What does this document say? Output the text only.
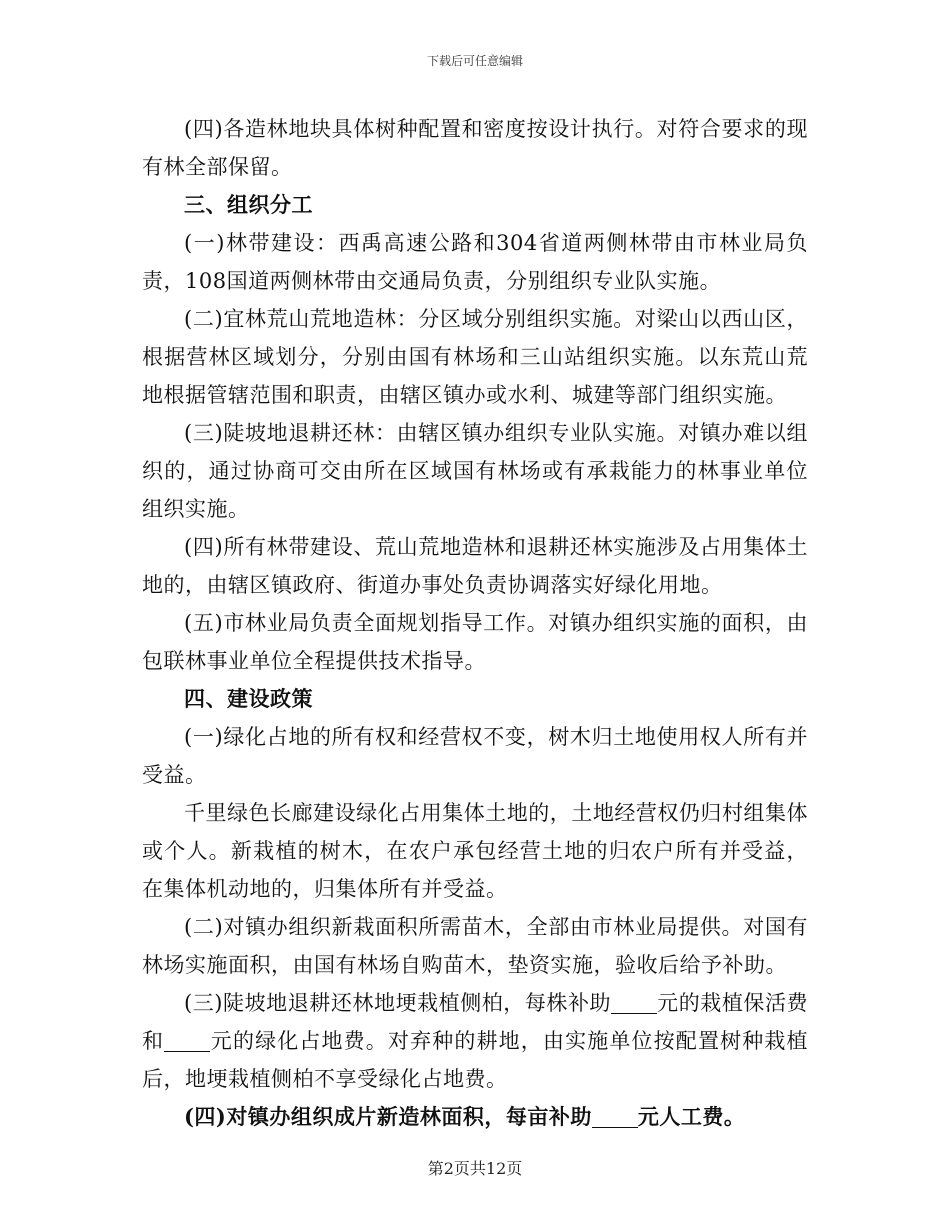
下载后可任意编辑

(四)各造林地块具体树种配置和密度按设计执行。对符合要求的现有林全部保留。

三、组织分工

(一)林带建设：西禹高速公路和304省道两侧林带由市林业局负责，108国道两侧林带由交通局负责，分别组织专业队实施。

(二)宜林荒山荒地造林：分区域分别组织实施。对梁山以西山区，根据营林区域划分，分别由国有林场和三山站组织实施。以东荒山荒地根据管辖范围和职责，由辖区镇办或水利、城建等部门组织实施。

(三)陡坡地退耕还林：由辖区镇办组织专业队实施。对镇办难以组织的，通过协商可交由所在区域国有林场或有承栽能力的林事业单位组织实施。

(四)所有林带建设、荒山荒地造林和退耕还林实施涉及占用集体土地的，由辖区镇政府、街道办事处负责协调落实好绿化用地。

(五)市林业局负责全面规划指导工作。对镇办组织实施的面积，由包联林事业单位全程提供技术指导。

四、建设政策

(一)绿化占地的所有权和经营权不变，树木归土地使用权人所有并受益。

千里绿色长廊建设绿化占用集体土地的，土地经营权仍归村组集体或个人。新栽植的树木，在农户承包经营土地的归农户所有并受益，在集体机动地的，归集体所有并受益。

(二)对镇办组织新栽面积所需苗木，全部由市林业局提供。对国有林场实施面积，由国有林场自购苗木，垫资实施，验收后给予补助。

(三)陡坡地退耕还林地埂栽植侧柏，每株补助 元的栽植保活费和 元的绿化占地费。对弃种的耕地，由实施单位按配置树种栽植后，地埂栽植侧柏不享受绿化占地费。

(四)对镇办组织成片新造林面积，每亩补助 元人工费。

第2页共12页
